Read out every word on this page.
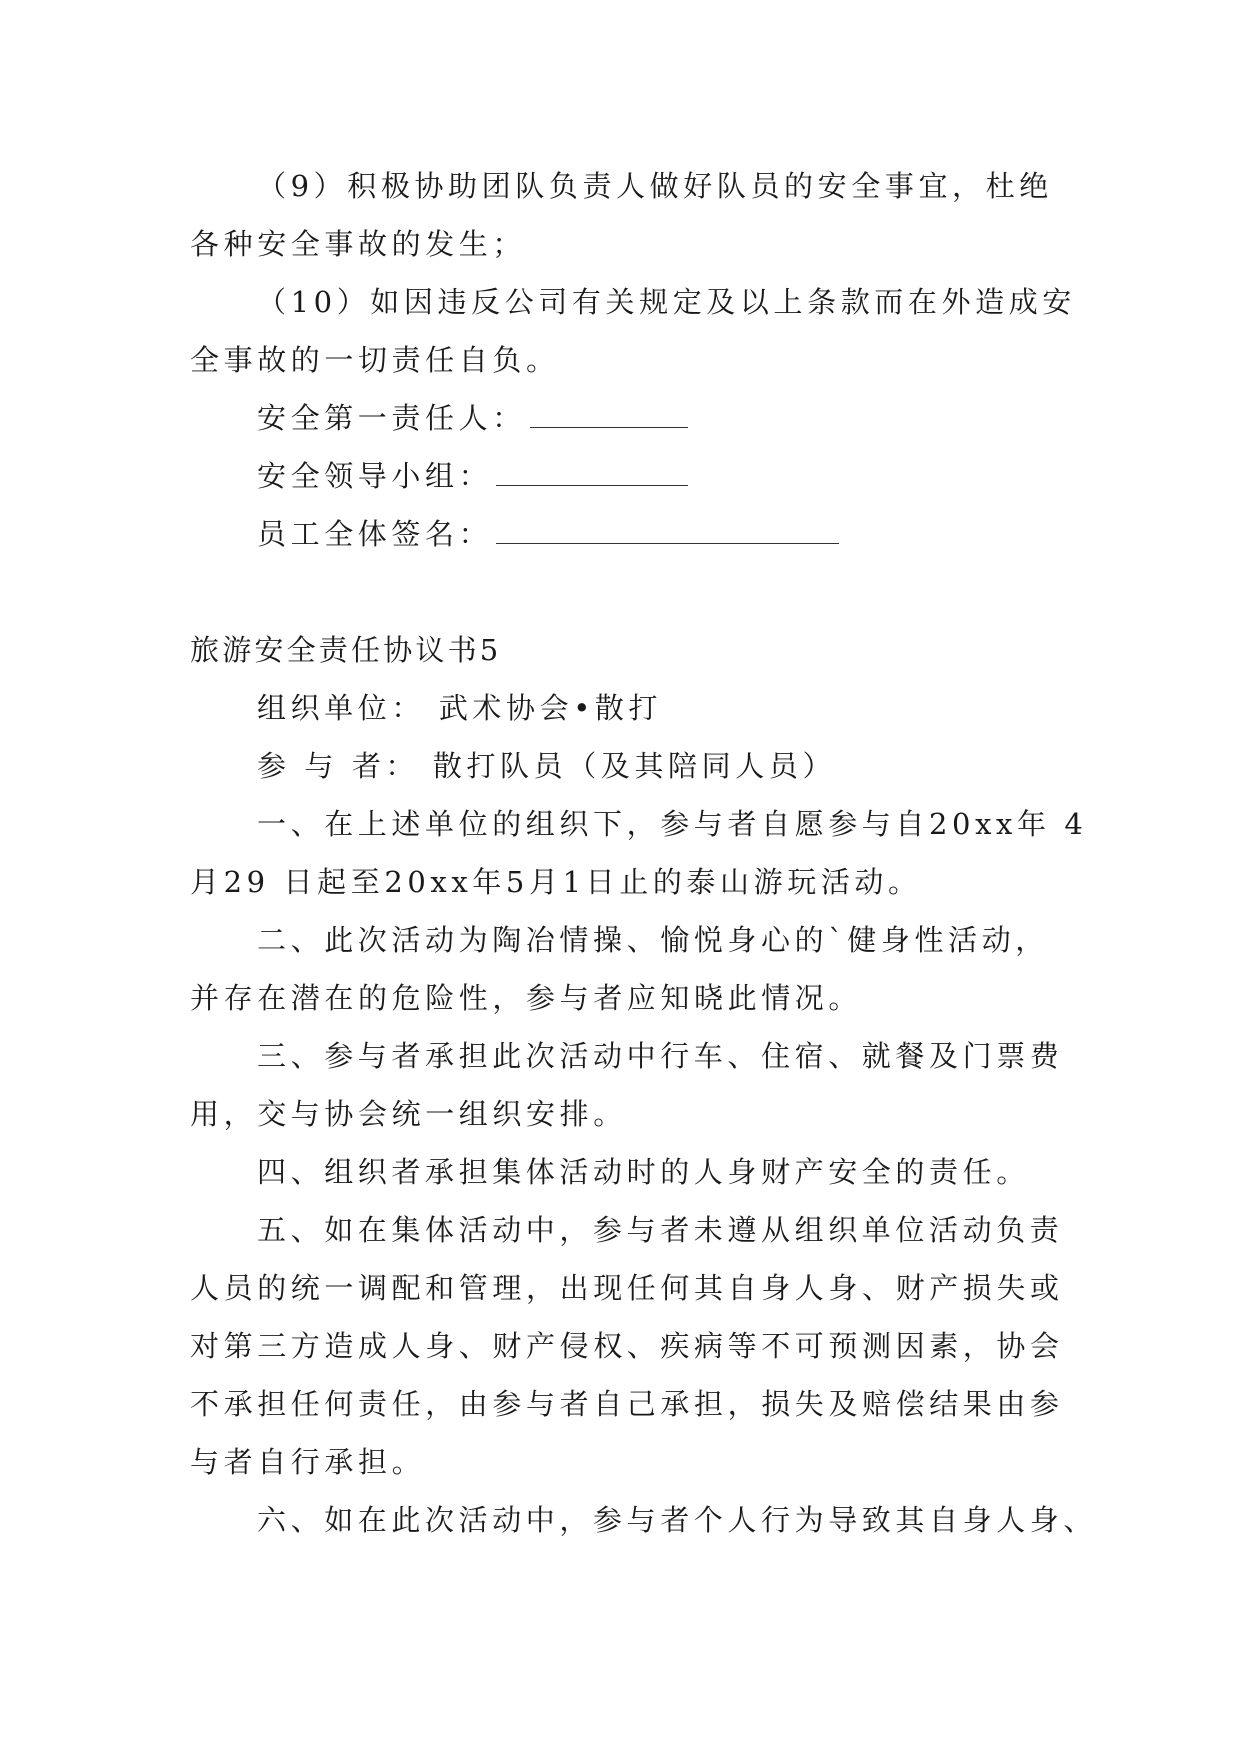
（9）积极协助团队负责人做好队员的安全事宜，杜绝
各种安全事故的发生；
（10）如因违反公司有关规定及以上条款而在外造成安
全事故的一切责任自负。
安全第一责任人：
安全领导小组：
员工全体签名：
旅游安全责任协议书5
组织单位： 武术协会•散打
参 与 者： 散打队员（及其陪同人员）
一、在上述单位的组织下，参与者自愿参与自20xx年 4
月29 日起至20xx年5月1日止的泰山游玩活动。
二、此次活动为陶冶情操、愉悦身心的`健身性活动，
并存在潜在的危险性，参与者应知晓此情况。
三、参与者承担此次活动中行车、住宿、就餐及门票费
用，交与协会统一组织安排。
四、组织者承担集体活动时的人身财产安全的责任。
五、如在集体活动中，参与者未遵从组织单位活动负责
人员的统一调配和管理，出现任何其自身人身、财产损失或
对第三方造成人身、财产侵权、疾病等不可预测因素，协会
不承担任何责任，由参与者自己承担，损失及赔偿结果由参
与者自行承担。
六、如在此次活动中，参与者个人行为导致其自身人身、
